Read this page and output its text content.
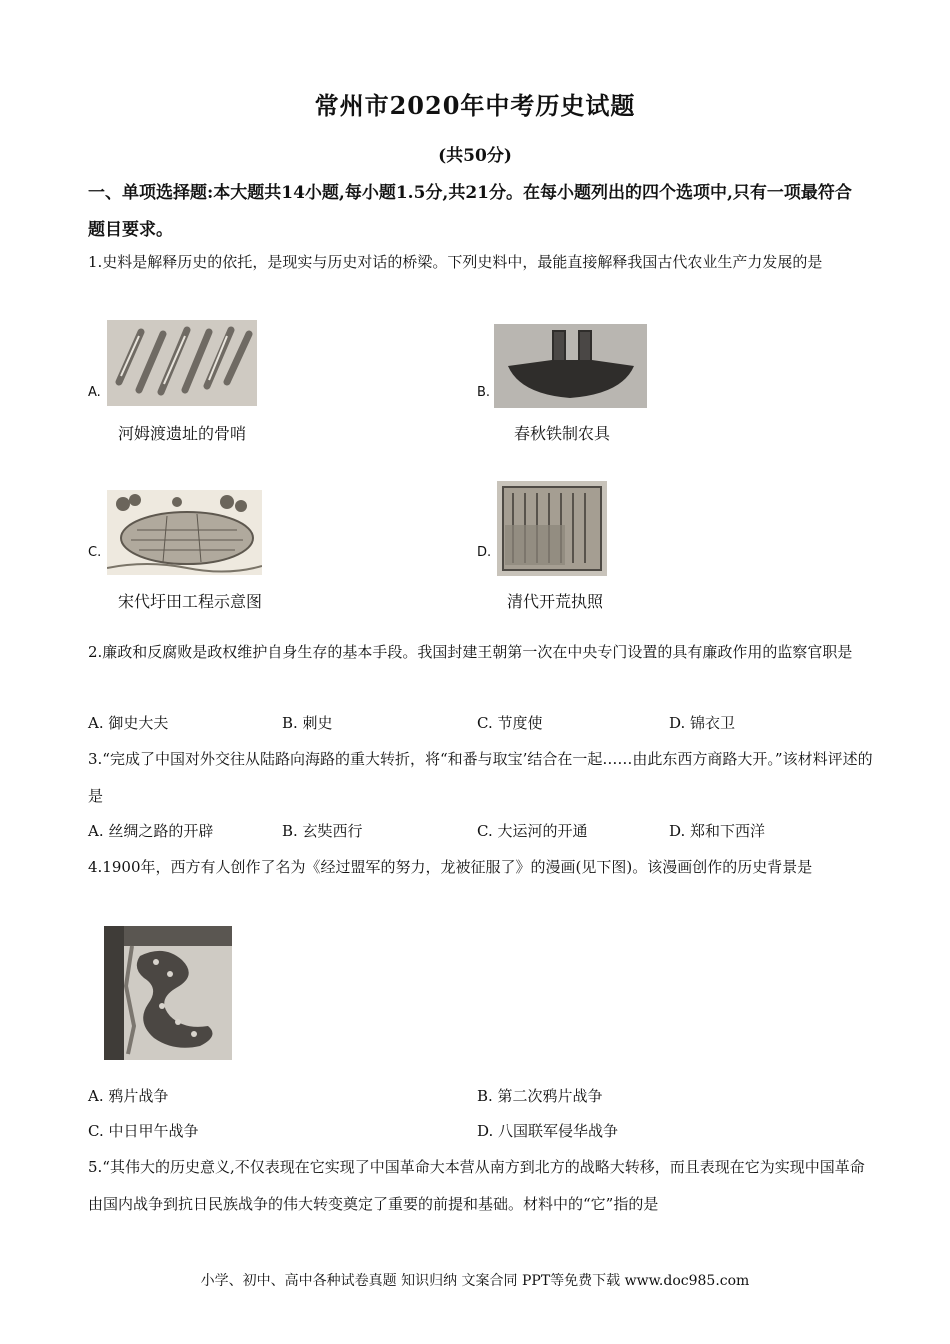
常州市2020年中考历史试题
(共50分)
一、单项选择题:本大题共14小题,每小题1.5分,共21分。在每小题列出的四个选项中,只有一项最符合题目要求。
1.史料是解释历史的依托，是现实与历史对话的桥梁。下列史料中，最能直接解释我国古代农业生产力发展的是
A.
河姆渡遗址的骨哨
B.
春秋铁制农具
C.
宋代圩田工程示意图
D.
清代开荒执照
2.廉政和反腐败是政权维护自身生存的基本手段。我国封建王朝第一次在中央专门设置的具有廉政作用的监察官职是
A. 御史大夫	B. 刺史	C. 节度使	D. 锦衣卫
3.“完成了中国对外交往从陆路向海路的重大转折，将“和番与取宝’结合在一起……由此东西方商路大开。”该材料评述的是
A. 丝绸之路的开辟	B. 玄奘西行	C. 大运河的开通	D. 郑和下西洋
4.1900年，西方有人创作了名为《经过盟军的努力，龙被征服了》的漫画(见下图)。该漫画创作的历史背景是
A. 鸦片战争	B. 第二次鸦片战争
C. 中日甲午战争	D. 八国联军侵华战争
5.“其伟大的历史意义,不仅表现在它实现了中国革命大本营从南方到北方的战略大转移，而且表现在它为实现中国革命由国内战争到抗日民族战争的伟大转变奠定了重要的前提和基础。材料中的“它”指的是
小学、初中、高中各种试卷真题 知识归纳 文案合同 PPT等免费下载 www.doc985.com
